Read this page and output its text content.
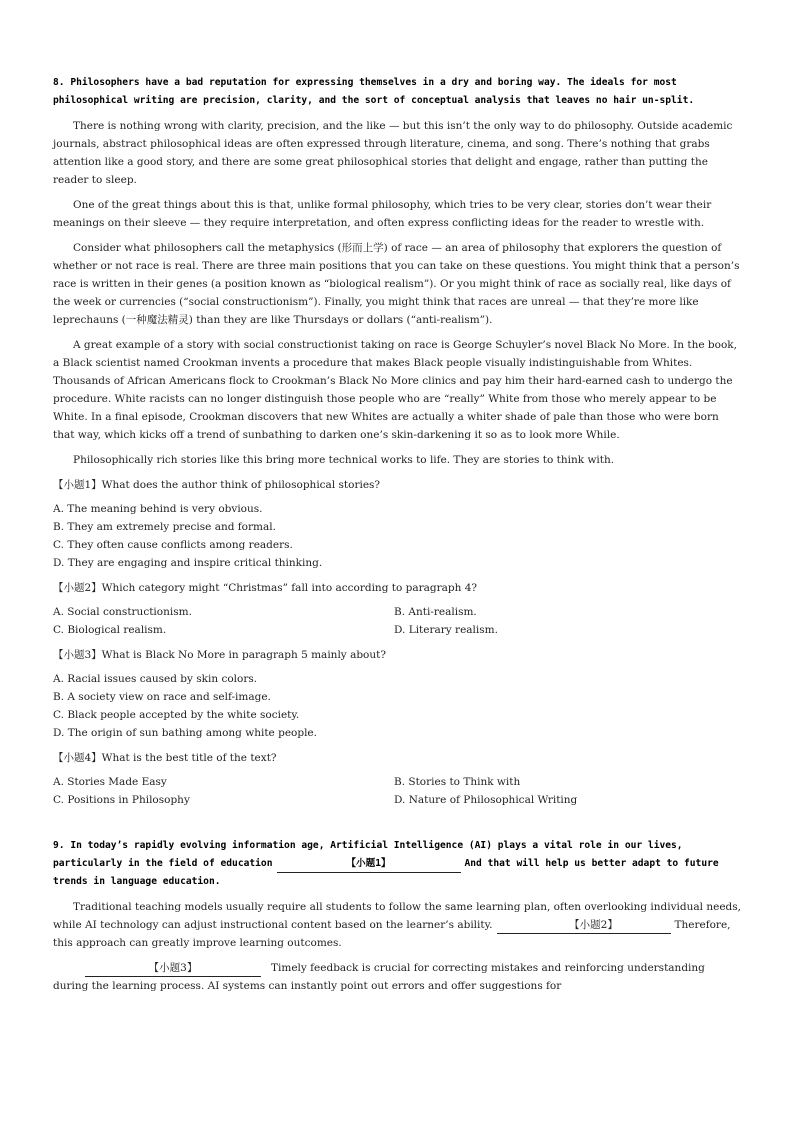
8. Philosophers have a bad reputation for expressing themselves in a dry and boring way. The ideals for most philosophical writing are precision, clarity, and the sort of conceptual analysis that leaves no hair un-split.

There is nothing wrong with clarity, precision, and the like — but this isn’t the only way to do philosophy. Outside academic journals, abstract philosophical ideas are often expressed through literature, cinema, and song. There’s nothing that grabs attention like a good story, and there are some great philosophical stories that delight and engage, rather than putting the reader to sleep.

One of the great things about this is that, unlike formal philosophy, which tries to be very clear, stories don’t wear their meanings on their sleeve — they require interpretation, and often express conflicting ideas for the reader to wrestle with.

Consider what philosophers call the metaphysics (形而上学) of race — an area of philosophy that explorers the question of whether or not race is real. There are three main positions that you can take on these questions. You might think that a person’s race is written in their genes (a position known as “biological realism”). Or you might think of race as socially real, like days of the week or currencies (“social constructionism”). Finally, you might think that races are unreal — that they’re more like leprechauns (一种魔法精灵) than they are like Thursdays or dollars (“anti-realism”).

A great example of a story with social constructionist taking on race is George Schuyler’s novel Black No More. In the book, a Black scientist named Crookman invents a procedure that makes Black people visually indistinguishable from Whites. Thousands of African Americans flock to Crookman’s Black No More clinics and pay him their hard-earned cash to undergo the procedure. White racists can no longer distinguish those people who are “really” White from those who merely appear to be White. In a final episode, Crookman discovers that new Whites are actually a whiter shade of pale than those who were born that way, which kicks off a trend of sunbathing to darken one’s skin-darkening it so as to look more While.

Philosophically rich stories like this bring more technical works to life. They are stories to think with.

【小题1】What does the author think of philosophical stories?

A. The meaning behind is very obvious.
B. They am extremely precise and formal.
C. They often cause conflicts among readers.
D. They are engaging and inspire critical thinking.

【小题2】Which category might “Christmas” fall into according to paragraph 4?

A. Social constructionism.	B. Anti-realism.
C. Biological realism.	D. Literary realism.

【小题3】What is Black No More in paragraph 5 mainly about?

A. Racial issues caused by skin colors.
B. A society view on race and self-image.
C. Black people accepted by the white society.
D. The origin of sun bathing among white people.

【小题4】What is the best title of the text?

A. Stories Made Easy	B. Stories to Think with
C. Positions in Philosophy	D. Nature of Philosophical Writing
9. In today’s rapidly evolving information age, Artificial Intelligence (AI) plays a vital role in our lives, particularly in the field of education	【小题1】	And that will help us better adapt to future trends in language education.

Traditional teaching models usually require all students to follow the same learning plan, often overlooking individual needs, while AI technology can adjust instructional content based on the learner’s ability.	【小题2】	Therefore, this approach can greatly improve learning outcomes.

【小题3】	Timely feedback is crucial for correcting mistakes and reinforcing understanding during the learning process. AI systems can instantly point out errors and offer suggestions for
